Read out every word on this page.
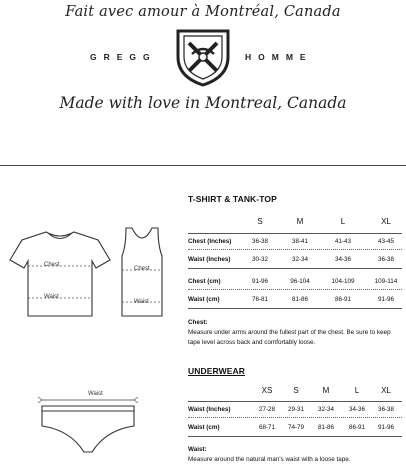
Fait avec amour à Montréal, Canada
GREGG	HOMME
Made with love in Montreal, Canada
Chest
Waist
Chest
Waist
Waist
T-SHIRT & TANK-TOP
S	M	L	XL
Chest (Inches)	36-38	38-41	41-43	43-45
Waist (Inches)	30-32	32-34	34-36	36-38
Chest (cm)	91-96	96-104	104-109	109-114
Waist (cm)	76-81	81-86	86-91	91-96
Chest:
Measure under arms around the fullest part of the chest. Be sure to keep tape level across back and comfortably loose.
UNDERWEAR
XS	S	M	L	XL
Waist (Inches)	27-28	29-31	32-34	34-36	36-38
Waist (cm)	68-71	74-79	81-86	86-91	91-96
Waist:
Measure around the natural man's waist with a loose tape.
